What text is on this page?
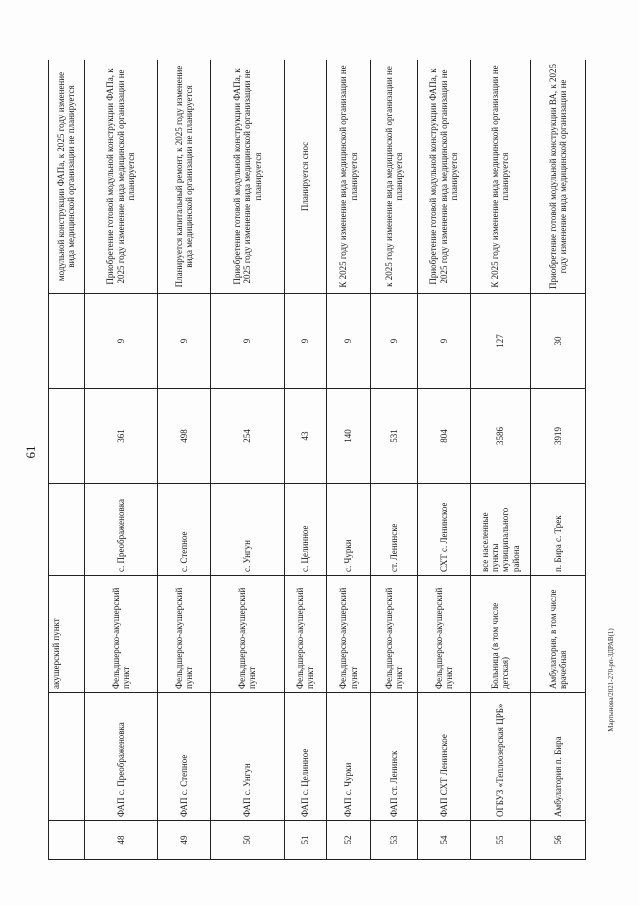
61
Мартынова/2021-270-рп-ЗДРАВ(1)
		акушерский пункт				модульной конструкции ФАПа, к 2025 году изменение вида медицинской организации не планируется
48	ФАП с. Преображеновка	Фельдшерско-акушерский пункт	с. Преображеновка	361	9	Приобретение готовой модульной конструкции ФАПа, к 2025 году изменение вида медицинской организации не планируется
49	ФАП с. Степное	Фельдшерско-акушерский пункт	с. Степное	498	9	Планируется капитальный ремонт, к 2025 году изменение вида медицинской организации не планируется
50	ФАП с. Унгун	Фельдшерско-акушерский пункт	с. Унгун	254	9	Приобретение готовой модульной конструкции ФАПа, к 2025 году изменение вида медицинской организации не планируется
51	ФАП с. Целинное	Фельдшерско-акушерский пункт	с. Целинное	43	9	Планируется снос
52	ФАП с. Чурки	Фельдшерско-акушерский пункт	с. Чурки	140	9	К 2025 году изменение вида медицинской организации не планируется
53	ФАП ст. Ленинск	Фельдшерско-акушерский пункт	ст. Ленинске	531	9	к 2025 году изменение вида медицинской организации не планируется
54	ФАП СХТ Ленинское	Фельдшерско-акушерский пункт	СХТ с. Ленинское	804	9	Приобретение готовой модульной конструкции ФАПа, к 2025 году изменение вида медицинской организации не планируется
55	ОГБУЗ «Теплоозерская ЦРБ»	Больница (в том числе детская)	все населенные пункты муниципального района	3586	127	К 2025 году изменение вида медицинской организации не планируется
56	Амбулатория п. Бира	Амбулатория, в том числе врачебная	п. Бира с. Трек	3919	30	Приобретение готовой модульной конструкции ВА, к 2025 году изменение вида медицинской организации не
